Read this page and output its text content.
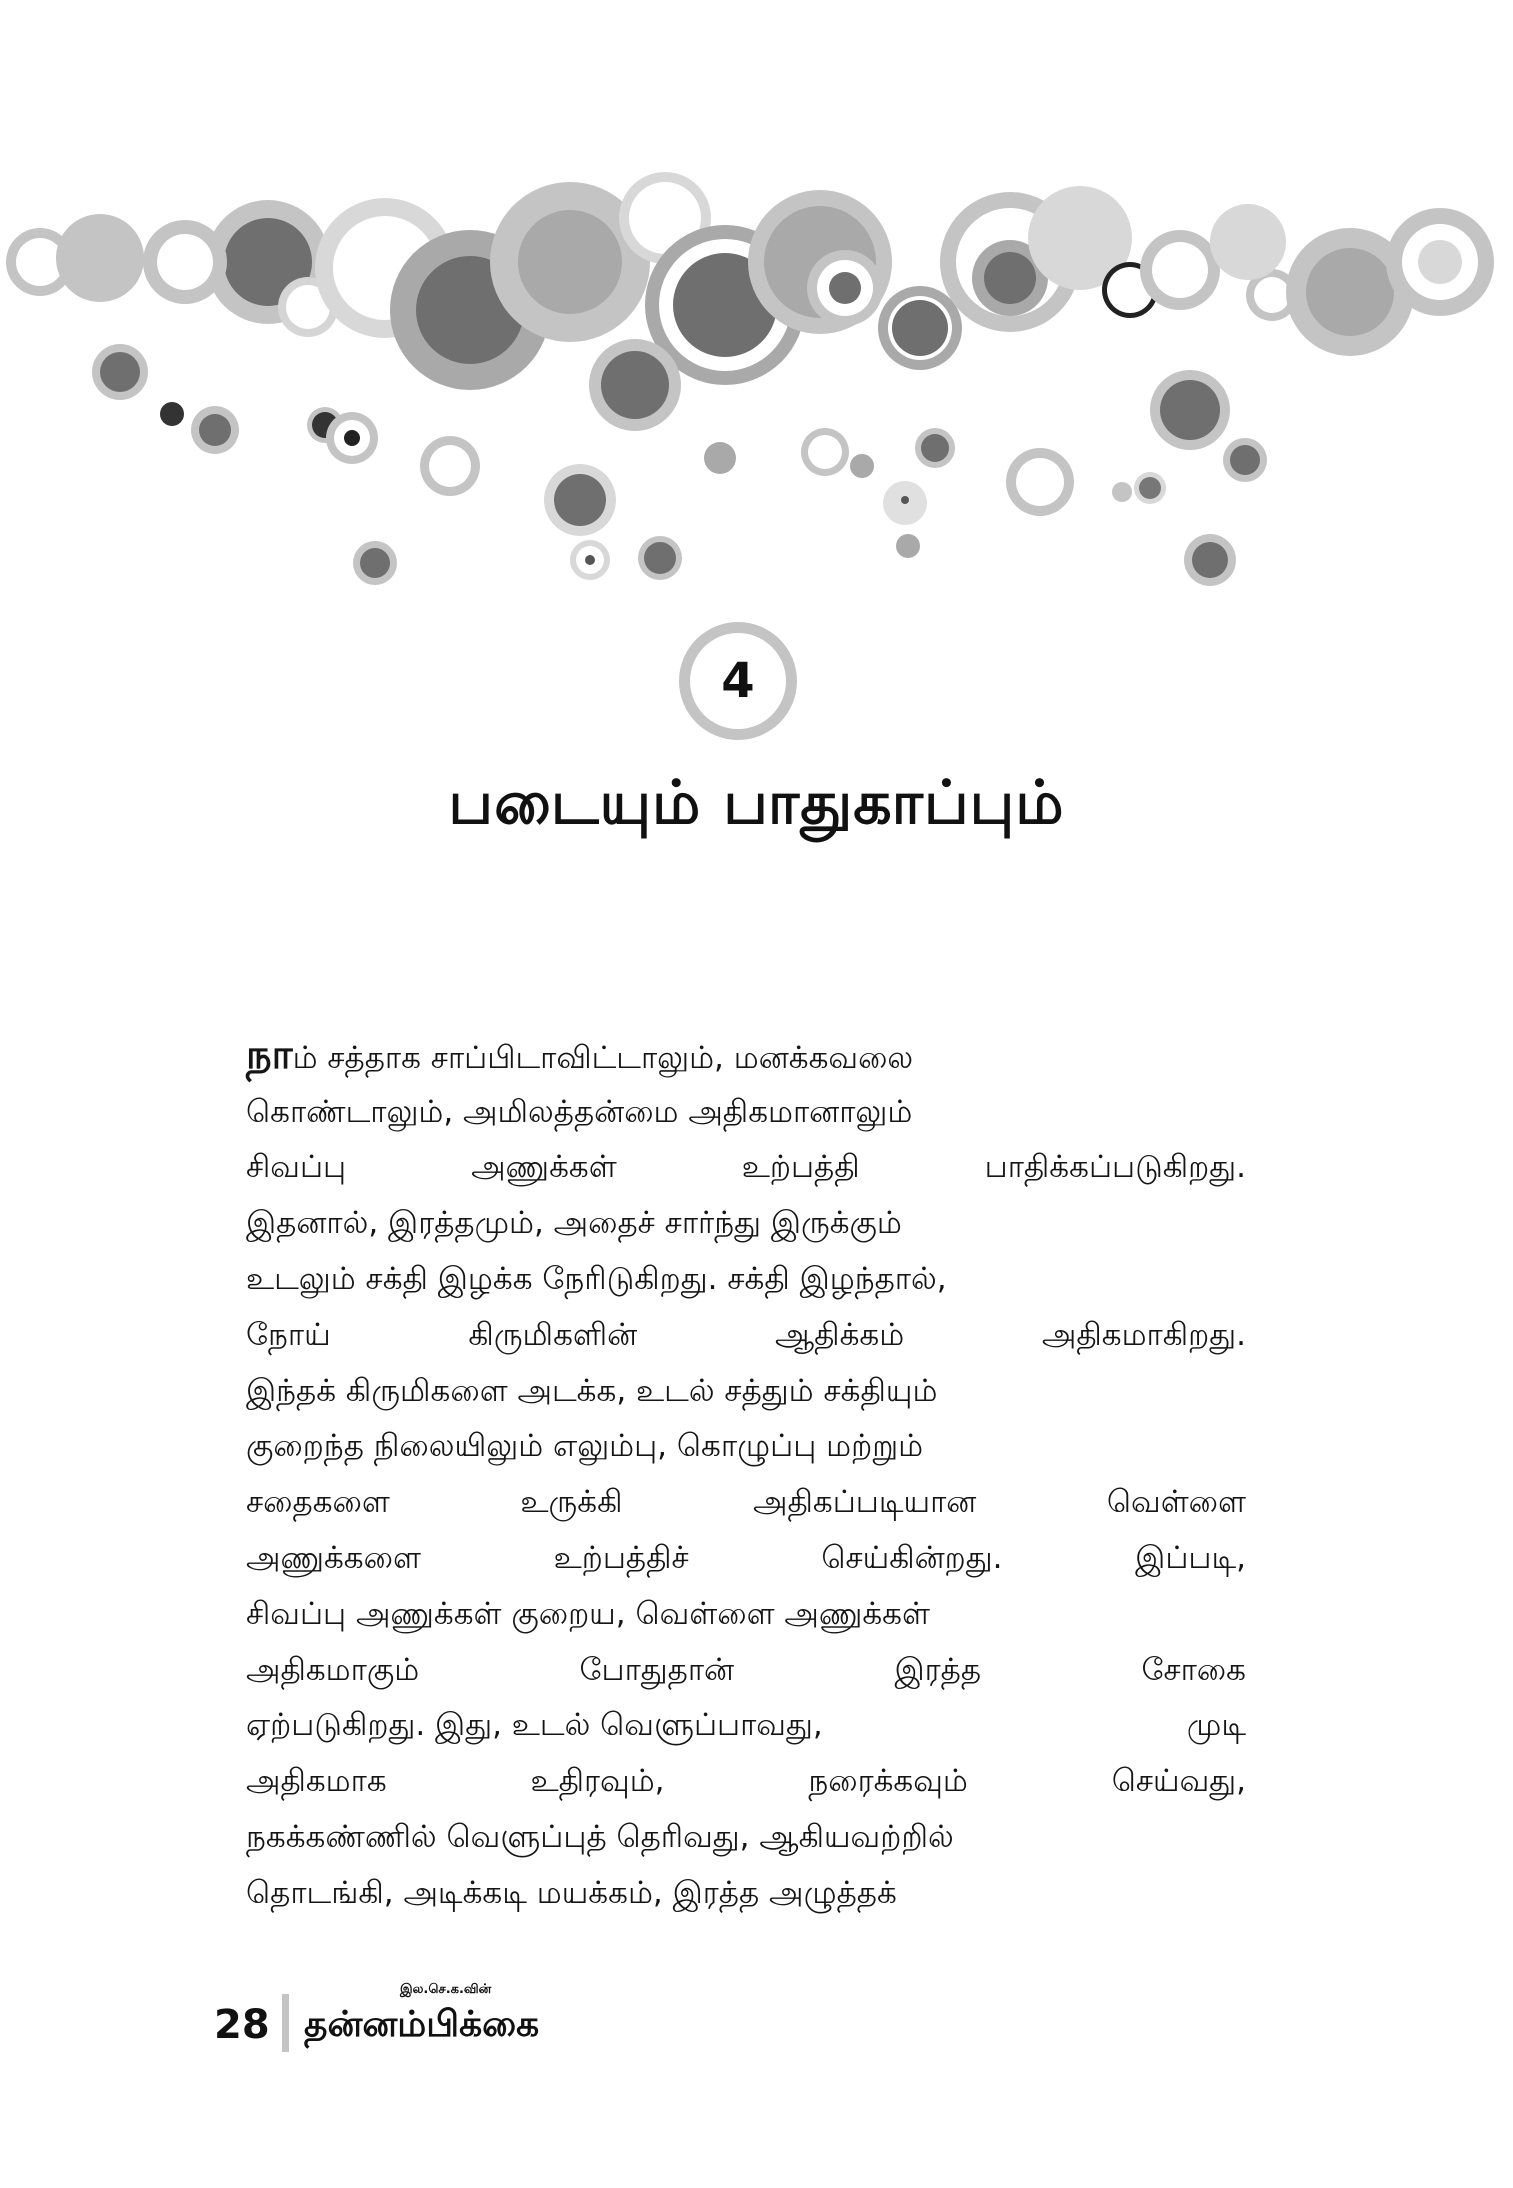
4
படையும் பாதுகாப்பும்
நாம் சத்தாக சாப்பிடாவிட்டாலும், மனக்கவலை
கொண்டாலும், அமிலத்தன்மை அதிகமானாலும்
சிவப்பு	அணுக்கள்	உற்பத்தி	பாதிக்கப்படுகிறது.
இதனால், இரத்தமும், அதைச் சார்ந்து இருக்கும்
உடலும் சக்தி இழக்க நேரிடுகிறது. சக்தி இழந்தால்,
நோய்	கிருமிகளின்	ஆதிக்கம்	அதிகமாகிறது.
இந்தக் கிருமிகளை அடக்க, உடல் சத்தும் சக்தியும்
குறைந்த நிலையிலும் எலும்பு, கொழுப்பு மற்றும்
சதைகளை	உருக்கி	அதிகப்படியான	வெள்ளை
அணுக்களை	உற்பத்திச்	செய்கின்றது.	இப்படி,
சிவப்பு அணுக்கள் குறைய, வெள்ளை அணுக்கள்
அதிகமாகும்	போதுதான்	இரத்த	சோகை
ஏற்படுகிறது. இது, உடல் வெளுப்பாவது,	முடி
அதிகமாக	உதிரவும்,	நரைக்கவும்	செய்வது,
நகக்கண்ணில் வெளுப்புத் தெரிவது, ஆகியவற்றில்
தொடங்கி, அடிக்கடி மயக்கம், இரத்த அழுத்தக்
28
இல.செ.க.வின்
தன்னம்பிக்கை
